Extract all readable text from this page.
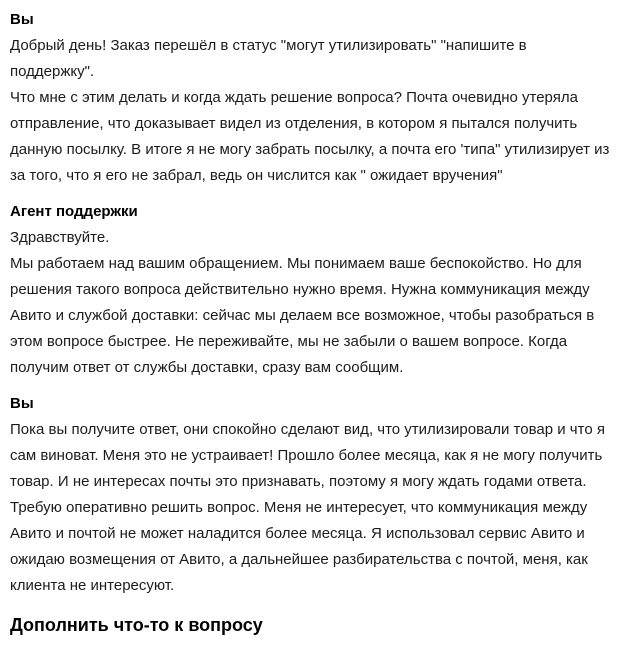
Вы

Добрый день! Заказ перешёл в статус "могут утилизировать" "напишите в поддержку".

Что мне с этим делать и когда ждать решение вопроса? Почта очевидно утеряла отправление, что доказывает видел из отделения, в котором я пытался получить данную посылку. В итоге я не могу забрать посылку, а почта его 'типа" утилизирует из за того, что я его не забрал, ведь он числится как " ожидает вручения"

Агент поддержки

Здравствуйте.

Мы работаем над вашим обращением. Мы понимаем ваше беспокойство. Но для решения такого вопроса действительно нужно время. Нужна коммуникация между Авито и службой доставки: сейчас мы делаем все возможное, чтобы разобраться в этом вопросе быстрее. Не переживайте, мы не забыли о вашем вопросе. Когда получим ответ от службы доставки, сразу вам сообщим.

Вы

Пока вы получите ответ, они спокойно сделают вид, что утилизировали товар и что я сам виноват. Меня это не устраивает! Прошло более месяца, как я не могу получить товар. И не интересах почты это признавать, поэтому я могу ждать годами ответа. Требую оперативно решить вопрос. Меня не интересует, что коммуникация между Авито и почтой не может наладится более месяца. Я использовал сервис Авито и ожидаю возмещения от Авито, а дальнейшее разбирательства с почтой, меня, как клиента не интересуют.

Дополнить что-то к вопросу
